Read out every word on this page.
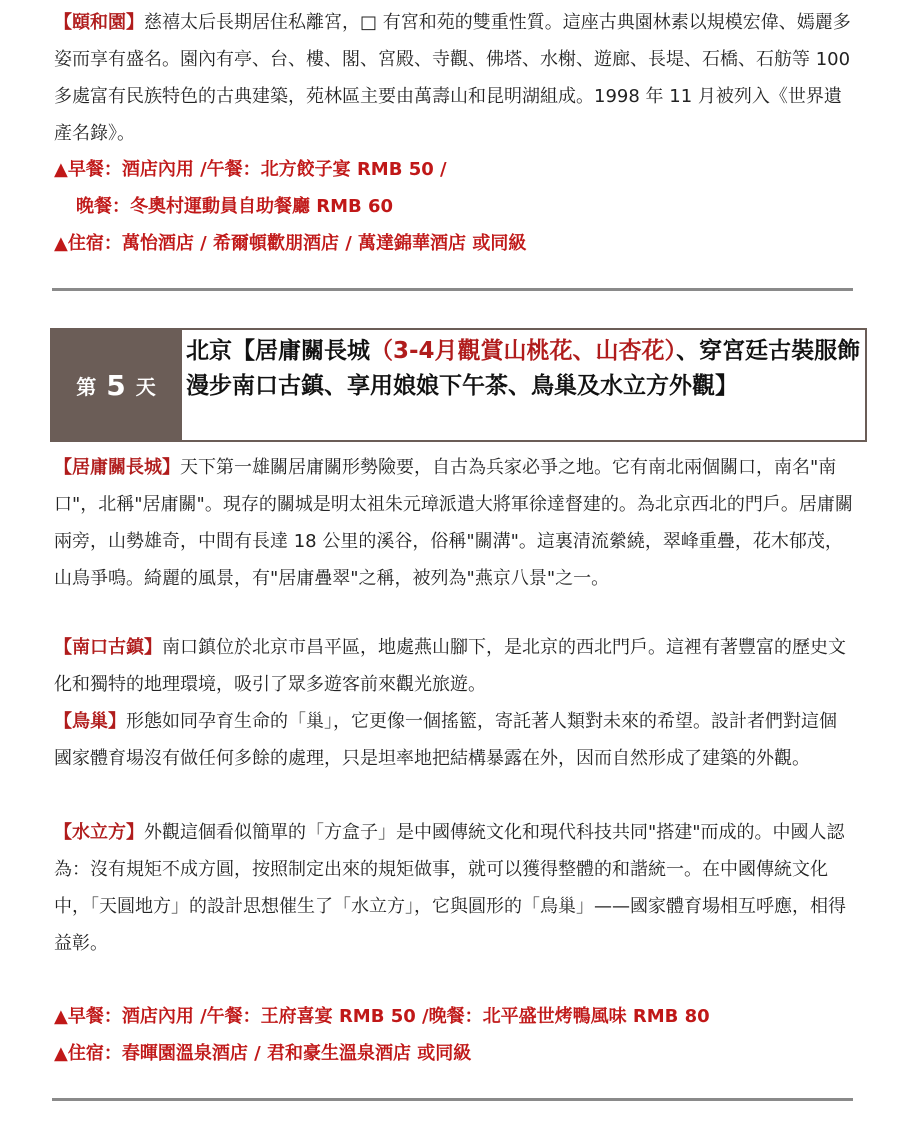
【頤和園】慈禧太后長期居住私離宮，□ 有宮和苑的雙重性質。這座古典園林素以規模宏偉、嫣麗多姿而享有盛名。園內有亭、台、樓、閣、宮殿、寺觀、佛塔、水榭、遊廊、長堤、石橋、石舫等 100 多處富有民族特色的古典建築，苑林區主要由萬壽山和昆明湖組成。1998 年 11 月被列入《世界遺產名錄》。

▲早餐：酒店內用 /午餐：北方餃子宴 RMB 50 /
晚餐：冬奧村運動員自助餐廳 RMB 60
▲住宿：萬怡酒店 / 希爾頓歡朋酒店 / 萬達錦華酒店 或同級
第 5 天
北京【居庸關長城（3-4月觀賞山桃花、山杏花）、穿宮廷古裝服飾漫步南口古鎮、享用娘娘下午茶、鳥巢及水立方外觀】

【居庸關長城】天下第一雄關居庸關形勢險要，自古為兵家必爭之地。它有南北兩個關口，南名"南口"，北稱"居庸關"。現存的關城是明太祖朱元璋派遣大將軍徐達督建的。為北京西北的門戶。居庸關兩旁，山勢雄奇，中間有長達 18 公里的溪谷，俗稱"關溝"。這裏清流縈繞，翠峰重疊，花木郁茂，山鳥爭鳴。綺麗的風景，有"居庸疊翠"之稱，被列為"燕京八景"之一。

【南口古鎮】南口鎮位於北京市昌平區，地處燕山腳下，是北京的西北門戶。這裡有著豐富的歷史文化和獨特的地理環境，吸引了眾多遊客前來觀光旅遊。

【鳥巢】形態如同孕育生命的「巢」，它更像一個搖籃，寄託著人類對未來的希望。設計者們對這個國家體育場沒有做任何多餘的處理，只是坦率地把結構暴露在外，因而自然形成了建築的外觀。

【水立方】外觀這個看似簡單的「方盒子」是中國傳統文化和現代科技共同"搭建"而成的。中國人認為：沒有規矩不成方圓，按照制定出來的規矩做事，就可以獲得整體的和諧統一。在中國傳統文化中，「天圓地方」的設計思想催生了「水立方」，它與圓形的「鳥巢」——國家體育場相互呼應，相得益彰。

▲早餐：酒店內用 /午餐：王府喜宴 RMB 50 /晚餐：北平盛世烤鴨風味 RMB 80
▲住宿：春暉園溫泉酒店 / 君和豪生溫泉酒店 或同級
